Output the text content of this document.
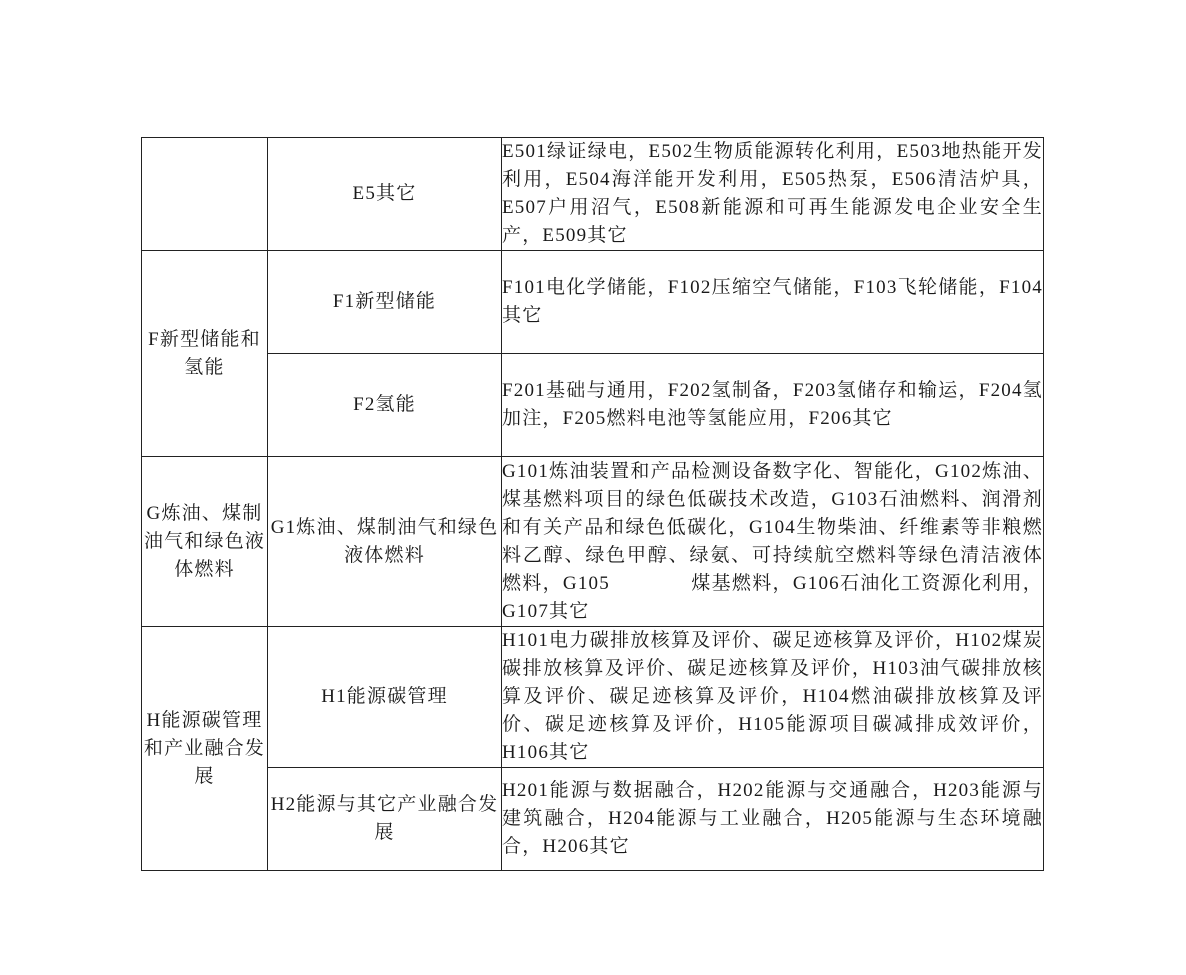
	E5其它	E501绿证绿电，E502生物质能源转化利用，E503地热能开发利用，E504海洋能开发利用，E505热泵，E506清洁炉具，E507户用沼气，E508新能源和可再生能源发电企业安全生产，E509其它

F新型储能和氢能	F1新型储能	F101电化学储能，F102压缩空气储能，F103飞轮储能，F104其它

	F2氢能	F201基础与通用，F202氢制备，F203氢储存和输运，F204氢加注，F205燃料电池等氢能应用，F206其它

G炼油、煤制油气和绿色液体燃料	G1炼油、煤制油气和绿色液体燃料	G101炼油装置和产品检测设备数字化、智能化，G102炼油、煤基燃料项目的绿色低碳技术改造，G103石油燃料、润滑剂和有关产品和绿色低碳化，G104生物柴油、纤维素等非粮燃料乙醇、绿色甲醇、绿氨、可持续航空燃料等绿色清洁液体燃料，G105　　　　煤基燃料，G106石油化工资源化利用，G107其它

H能源碳管理和产业融合发展	H1能源碳管理	H101电力碳排放核算及评价、碳足迹核算及评价，H102煤炭碳排放核算及评价、碳足迹核算及评价，H103油气碳排放核算及评价、碳足迹核算及评价，H104燃油碳排放核算及评价、碳足迹核算及评价，H105能源项目碳减排成效评价，H106其它

	H2能源与其它产业融合发展	H201能源与数据融合，H202能源与交通融合，H203能源与建筑融合，H204能源与工业融合，H205能源与生态环境融合，H206其它
